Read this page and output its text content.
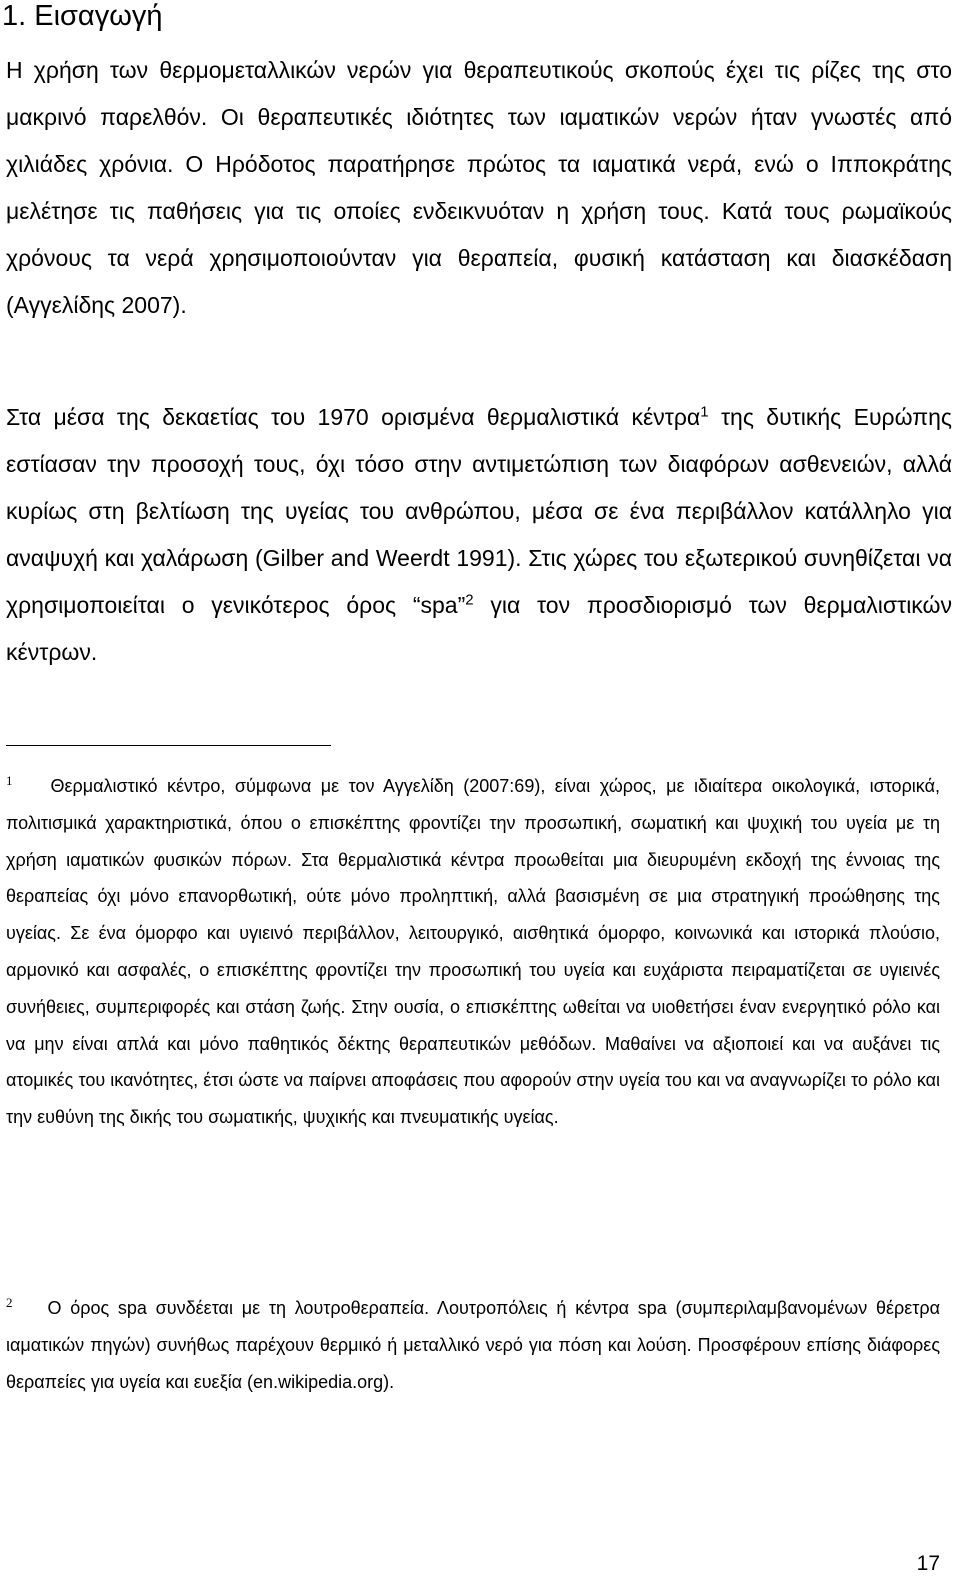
1. Εισαγωγή

Η χρήση των θερμομεταλλικών νερών για θεραπευτικούς σκοπούς έχει τις ρίζες της στο μακρινό παρελθόν. Οι θεραπευτικές ιδιότητες των ιαματικών νερών ήταν γνωστές από χιλιάδες χρόνια. Ο Ηρόδοτος παρατήρησε πρώτος τα ιαματικά νερά, ενώ ο Ιπποκράτης μελέτησε τις παθήσεις για τις οποίες ενδεικνυόταν η χρήση τους. Κατά τους ρωμαϊκούς χρόνους τα νερά χρησιμοποιούνταν για θεραπεία, φυσική κατάσταση και διασκέδαση (Αγγελίδης 2007).

Στα μέσα της δεκαετίας του 1970 ορισμένα θερμαλιστικά κέντρα$^1$ της δυτικής Ευρώπης εστίασαν την προσοχή τους, όχι τόσο στην αντιμετώπιση των διαφόρων ασθενειών, αλλά κυρίως στη βελτίωση της υγείας του ανθρώπου, μέσα σε ένα περιβάλλον κατάλληλο για αναψυχή και χαλάρωση (Gilber and Weerdt 1991). Στις χώρες του εξωτερικού συνηθίζεται να χρησιμοποιείται ο γενικότερος όρος “spa”$^2$ για τον προσδιορισμό των θερμαλιστικών κέντρων.

$^1$ Θερμαλιστικό κέντρο, σύμφωνα με τον Αγγελίδη (2007:69), είναι χώρος, με ιδιαίτερα οικολογικά, ιστορικά, πολιτισμικά χαρακτηριστικά, όπου ο επισκέπτης φροντίζει την προσωπική, σωματική και ψυχική του υγεία με τη χρήση ιαματικών φυσικών πόρων. Στα θερμαλιστικά κέντρα προωθείται μια διευρυμένη εκδοχή της έννοιας της θεραπείας όχι μόνο επανορθωτική, ούτε μόνο προληπτική, αλλά βασισμένη σε μια στρατηγική προώθησης της υγείας. Σε ένα όμορφο και υγιεινό περιβάλλον, λειτουργικό, αισθητικά όμορφο, κοινωνικά και ιστορικά πλούσιο, αρμονικό και ασφαλές, ο επισκέπτης φροντίζει την προσωπική του υγεία και ευχάριστα πειραματίζεται σε υγιεινές συνήθειες, συμπεριφορές και στάση ζωής. Στην ουσία, ο επισκέπτης ωθείται να υιοθετήσει έναν ενεργητικό ρόλο και να μην είναι απλά και μόνο παθητικός δέκτης θεραπευτικών μεθόδων. Μαθαίνει να αξιοποιεί και να αυξάνει τις ατομικές του ικανότητες, έτσι ώστε να παίρνει αποφάσεις που αφορούν στην υγεία του και να αναγνωρίζει το ρόλο και την ευθύνη της δικής του σωματικής, ψυχικής και πνευματικής υγείας.

$^2$ Ο όρος spa συνδέεται με τη λουτροθεραπεία. Λουτροπόλεις ή κέντρα spa (συμπεριλαμβανομένων θέρετρα ιαματικών πηγών) συνήθως παρέχουν θερμικό ή μεταλλικό νερό για πόση και λούση. Προσφέρουν επίσης διάφορες θεραπείες για υγεία και ευεξία (en.wikipedia.org).

17
